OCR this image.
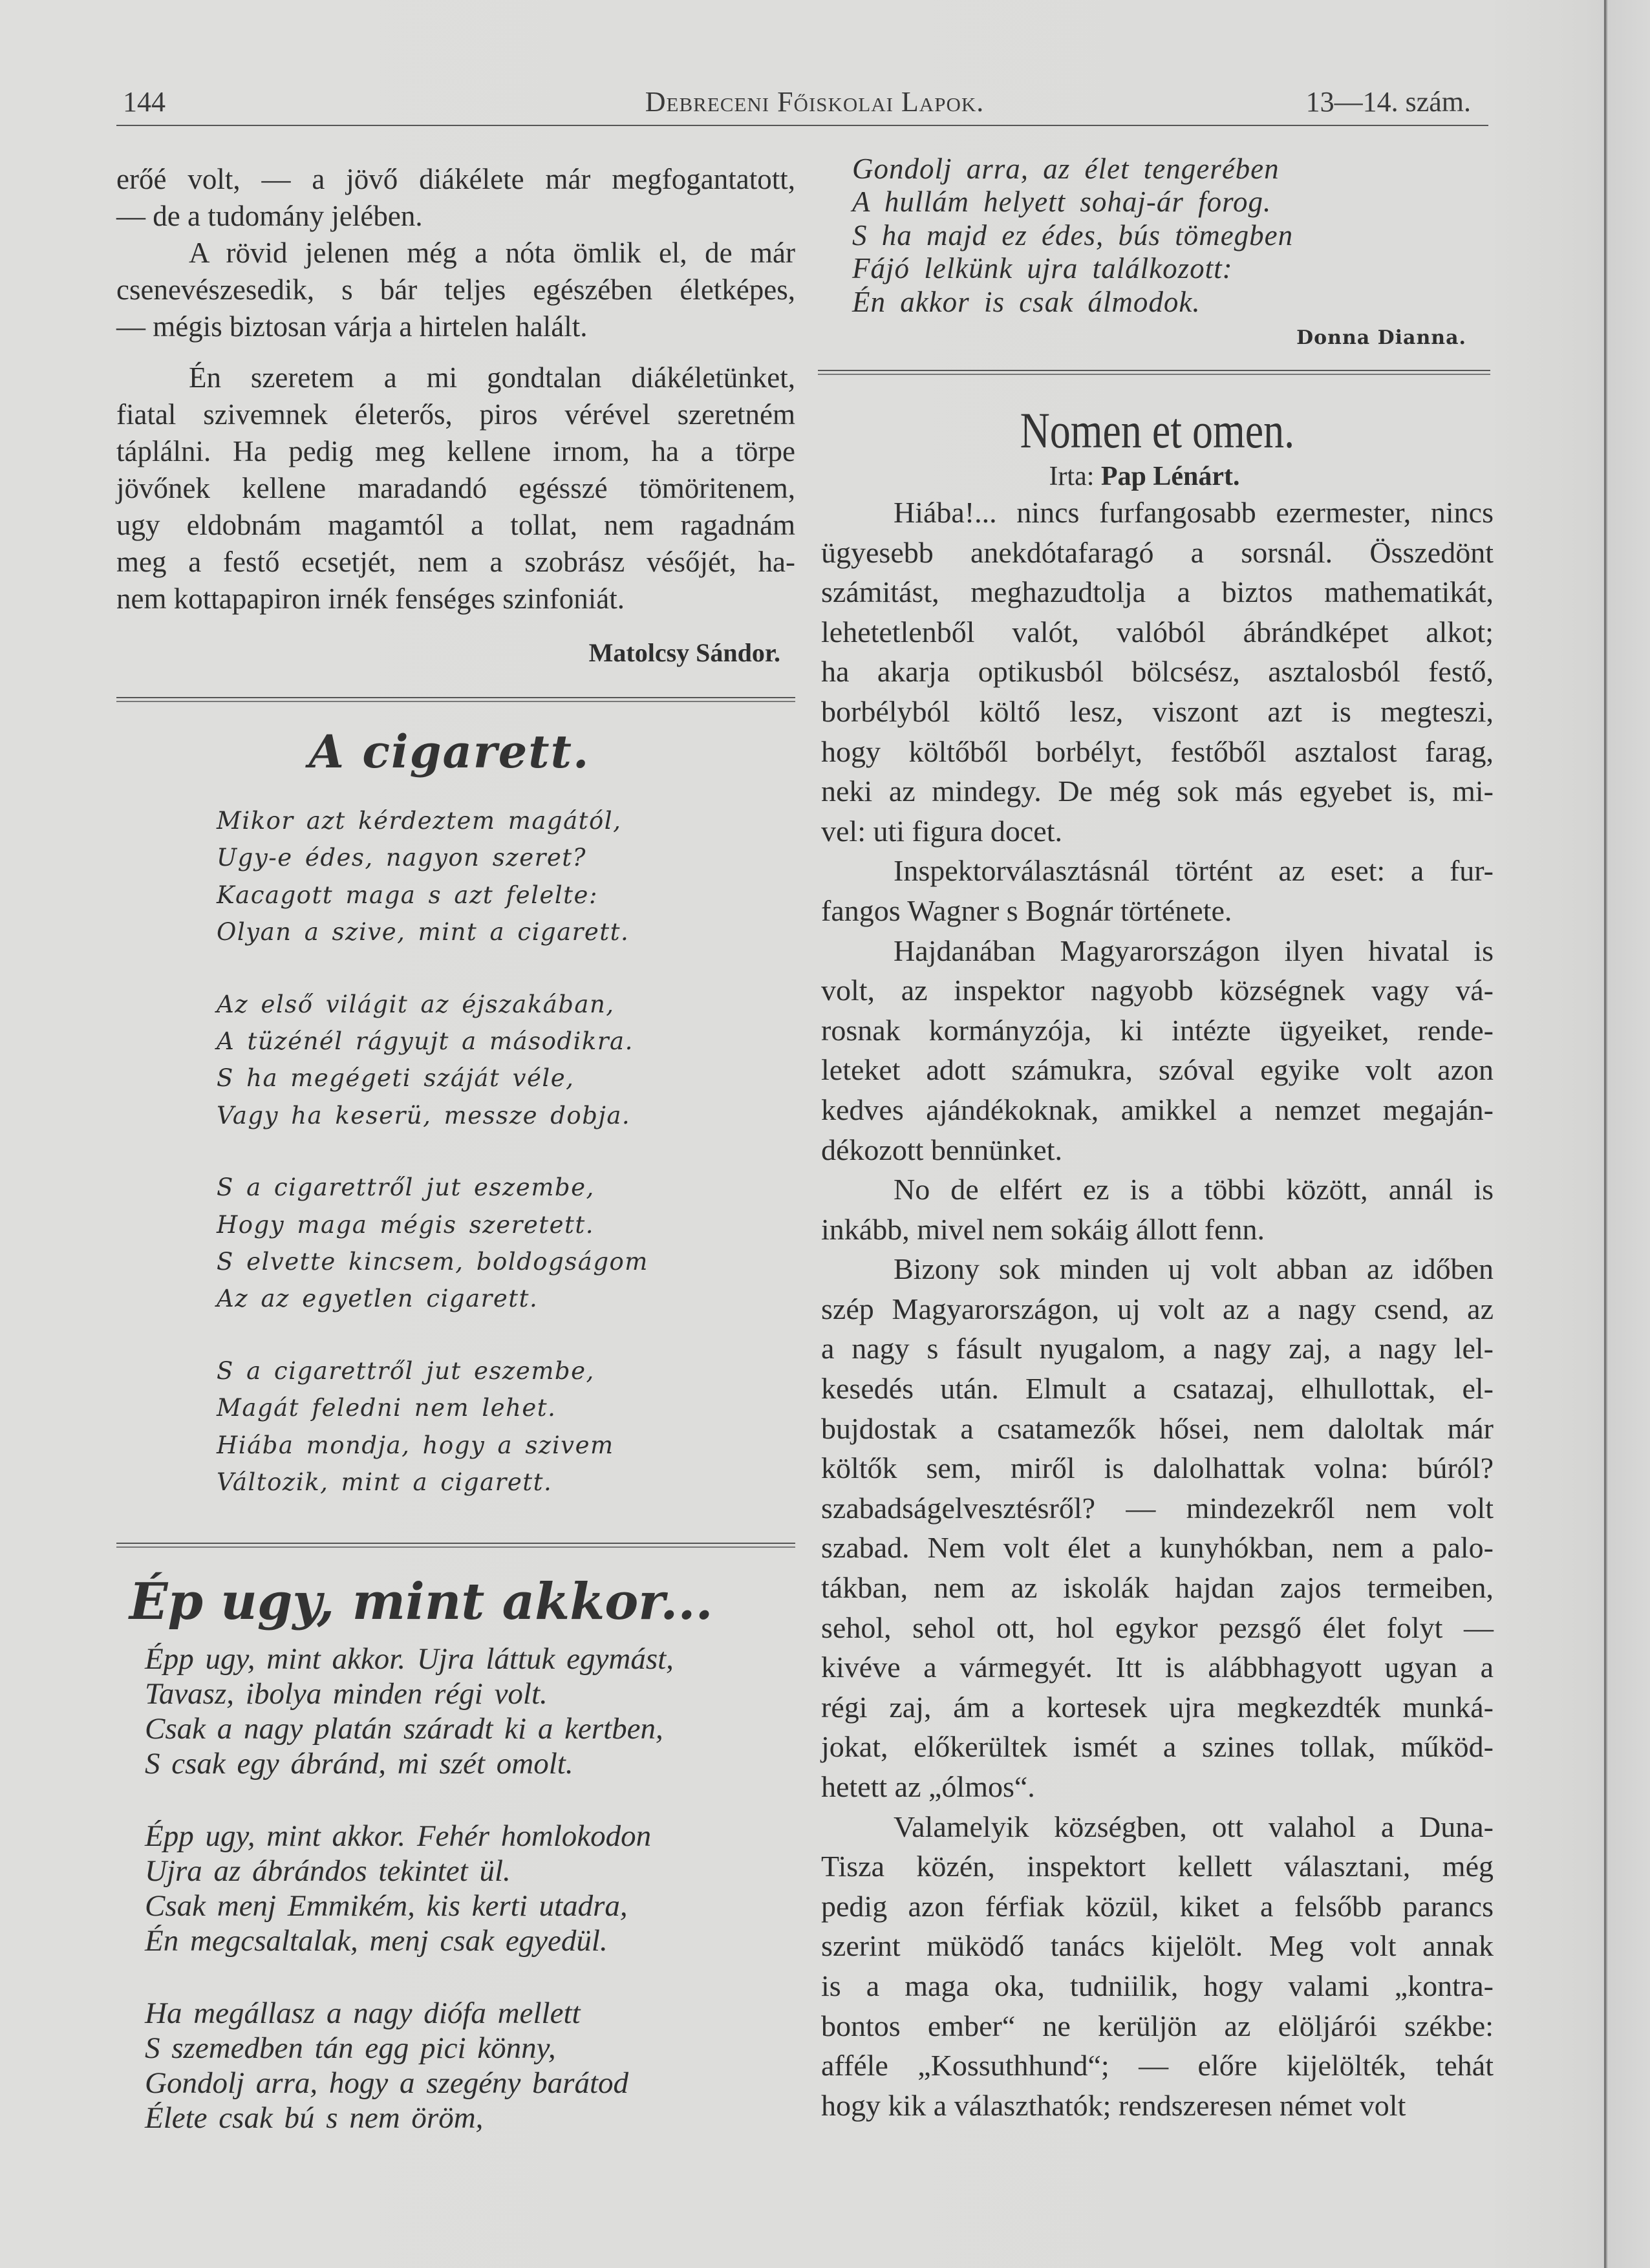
Debreceni Főiskolai Lapok.
144	13—14. szám.
erőé volt, — a jövő diákélete már megfogantatott,
— de a tudomány jelében.
A rövid jelenen még a nóta ömlik el, de már
csenevészesedik, s bár teljes egészében életképes,
— mégis biztosan várja a hirtelen halált.
Én szeretem a mi gondtalan diákéletünket,
fiatal szivemnek életerős, piros vérével szeretném
táplálni. Ha pedig meg kellene irnom, ha a törpe
jövőnek kellene maradandó egésszé tömöritenem,
ugy eldobnám magamtól a tollat, nem ragadnám
meg a festő ecsetjét, nem a szobrász vésőjét, ha-
nem kottapapiron irnék fenséges szinfoniát.
Matolcsy Sándor.
A cigarett.
Mikor azt kérdeztem magától,
Ugy-e édes, nagyon szeret?
Kacagott maga s azt felelte:
Olyan a szive, mint a cigarett.
Az első világit az éjszakában,
A tüzénél rágyujt a másodikra.
S ha megégeti száját véle,
Vagy ha keserü, messze dobja.
S a cigarettről jut eszembe,
Hogy maga mégis szeretett.
S elvette kincsem, boldogságom
Az az egyetlen cigarett.
S a cigarettről jut eszembe,
Magát feledni nem lehet.
Hiába mondja, hogy a szivem
Változik, mint a cigarett.
Ép ugy, mint akkor...
Épp ugy, mint akkor. Ujra láttuk egymást,
Tavasz, ibolya minden régi volt.
Csak a nagy platán száradt ki a kertben,
S csak egy ábránd, mi szét omolt.
Épp ugy, mint akkor. Fehér homlokodon
Ujra az ábrándos tekintet ül.
Csak menj Emmikém, kis kerti utadra,
Én megcsaltalak, menj csak egyedül.
Ha megállasz a nagy diófa mellett
S szemedben tán egg pici könny,
Gondolj arra, hogy a szegény barátod
Élete csak bú s nem öröm,
Gondolj arra, az élet tengerében
A hullám helyett sohaj-ár forog.
S ha majd ez édes, bús tömegben
Fájó lelkünk ujra találkozott:
Én akkor is csak álmodok.
Donna Dianna.
Nomen et omen.
Irta: Pap Lénárt.
Hiába!... nincs furfangosabb ezermester, nincs
ügyesebb anekdótafaragó a sorsnál. Összedönt
számitást, meghazudtolja a biztos mathematikát,
lehetetlenből valót, valóból ábrándképet alkot;
ha akarja optikusból bölcsész, asztalosból festő,
borbélyból költő lesz, viszont azt is megteszi,
hogy költőből borbélyt, festőből asztalost farag,
neki az mindegy. De még sok más egyebet is, mi-
vel: uti figura docet.
Inspektorválasztásnál történt az eset: a fur-
fangos Wagner s Bognár története.
Hajdanában Magyarországon ilyen hivatal is
volt, az inspektor nagyobb községnek vagy vá-
rosnak kormányzója, ki intézte ügyeiket, rende-
leteket adott számukra, szóval egyike volt azon
kedves ajándékoknak, amikkel a nemzet megaján-
dékozott bennünket.
No de elfért ez is a többi között, annál is
inkább, mivel nem sokáig állott fenn.
Bizony sok minden uj volt abban az időben
szép Magyarországon, uj volt az a nagy csend, az
a nagy s fásult nyugalom, a nagy zaj, a nagy lel-
kesedés után. Elmult a csatazaj, elhullottak, el-
bujdostak a csatamezők hősei, nem daloltak már
költők sem, miről is dalolhattak volna: búról?
szabadságelvesztésről? — mindezekről nem volt
szabad. Nem volt élet a kunyhókban, nem a palo-
tákban, nem az iskolák hajdan zajos termeiben,
sehol, sehol ott, hol egykor pezsgő élet folyt —
kivéve a vármegyét. Itt is alábbhagyott ugyan a
régi zaj, ám a kortesek ujra megkezdték munká-
jokat, előkerültek ismét a szines tollak, működ-
hetett az „ólmos“.
Valamelyik községben, ott valahol a Duna-
Tisza közén, inspektort kellett választani, még
pedig azon férfiak közül, kiket a felsőbb parancs
szerint müködő tanács kijelölt. Meg volt annak
is a maga oka, tudniilik, hogy valami „kontra-
bontos ember“ ne kerüljön az elöljárói székbe:
afféle „Kossuthhund“; — előre kijelölték, tehát
hogy kik a választhatók; rendszeresen német volt
